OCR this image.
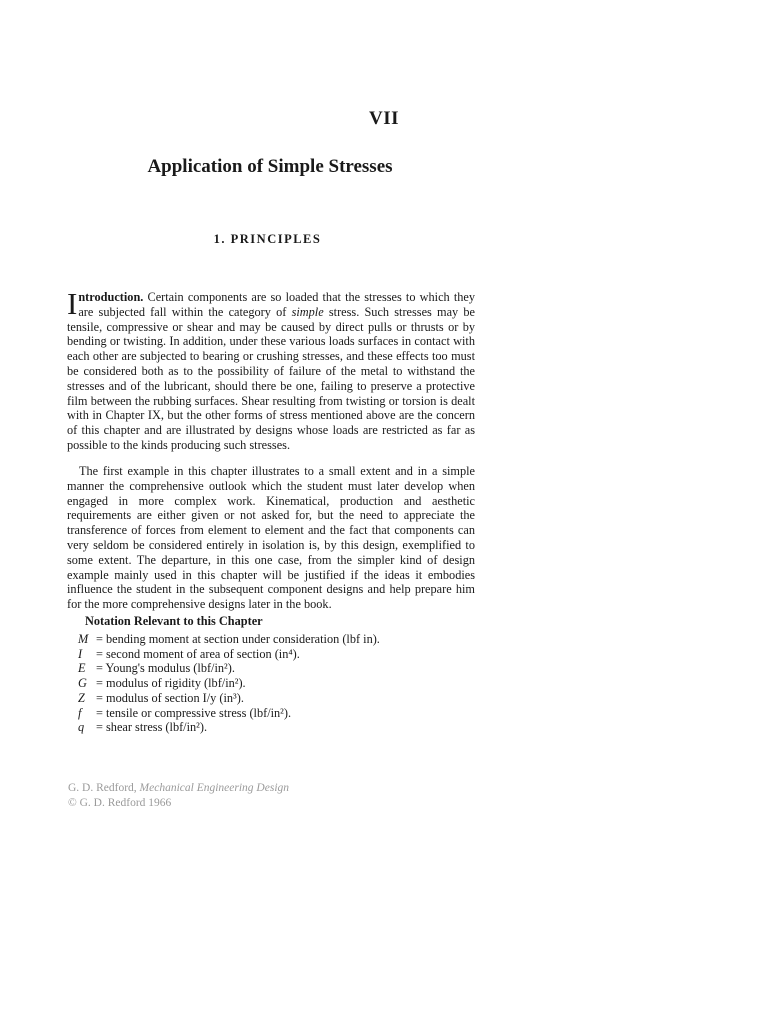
VII
Application of Simple Stresses
1. PRINCIPLES
Introduction. Certain components are so loaded that the stresses to which they are subjected fall within the category of simple stress. Such stresses may be tensile, compressive or shear and may be caused by direct pulls or thrusts or by bending or twisting. In addition, under these various loads surfaces in contact with each other are subjected to bearing or crushing stresses, and these effects too must be considered both as to the possibility of failure of the metal to withstand the stresses and of the lubricant, should there be one, failing to preserve a protective film between the rubbing surfaces. Shear resulting from twisting or torsion is dealt with in Chapter IX, but the other forms of stress mentioned above are the concern of this chapter and are illustrated by designs whose loads are restricted as far as possible to the kinds producing such stresses.
The first example in this chapter illustrates to a small extent and in a simple manner the comprehensive outlook which the student must later develop when engaged in more complex work. Kinematical, production and aesthetic requirements are either given or not asked for, but the need to appreciate the transference of forces from element to element and the fact that components can very seldom be considered entirely in isolation is, by this design, exemplified to some extent. The departure, in this one case, from the simpler kind of design example mainly used in this chapter will be justified if the ideas it embodies influence the student in the subsequent component designs and help prepare him for the more comprehensive designs later in the book.
Notation Relevant to this Chapter
M = bending moment at section under consideration (lbf in).
I	= second moment of area of section (in⁴).
E = Young's modulus (lbf/in²).
G = modulus of rigidity (lbf/in²).
Z = modulus of section I/y (in³).
f	= tensile or compressive stress (lbf/in²).
q = shear stress (lbf/in²).
G. D. Redford, Mechanical Engineering Design
© G. D. Redford 1966
